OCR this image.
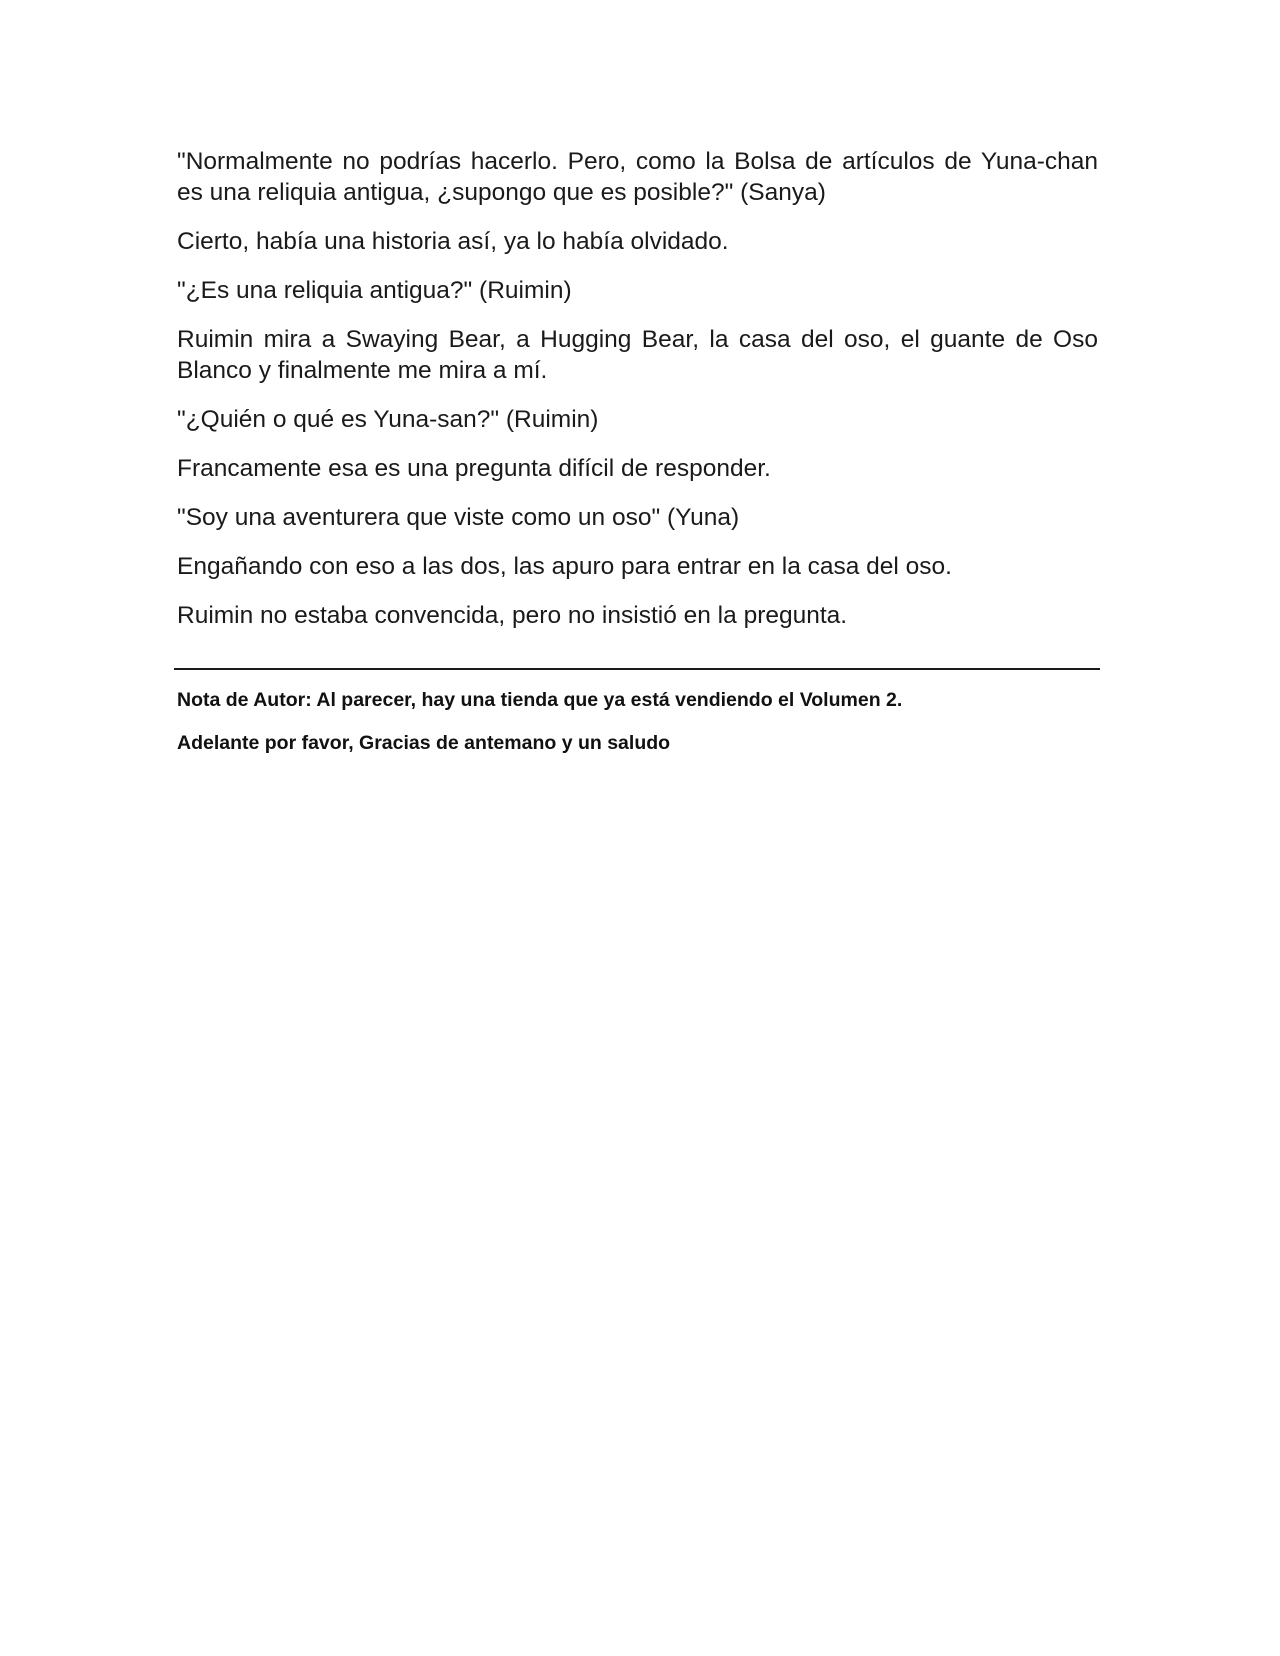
"Normalmente no podrías hacerlo. Pero, como la Bolsa de artículos de Yuna-chan es una reliquia antigua, ¿supongo que es posible?" (Sanya)

Cierto, había una historia así, ya lo había olvidado.

"¿Es una reliquia antigua?" (Ruimin)

Ruimin mira a Swaying Bear, a Hugging Bear, la casa del oso, el guante de Oso Blanco y finalmente me mira a mí.

"¿Quién o qué es Yuna-san?" (Ruimin)

Francamente esa es una pregunta difícil de responder.

"Soy una aventurera que viste como un oso" (Yuna)

Engañando con eso a las dos, las apuro para entrar en la casa del oso.

Ruimin no estaba convencida, pero no insistió en la pregunta.

Nota de Autor: Al parecer, hay una tienda que ya está vendiendo el Volumen 2.

Adelante por favor, Gracias de antemano y un saludo
